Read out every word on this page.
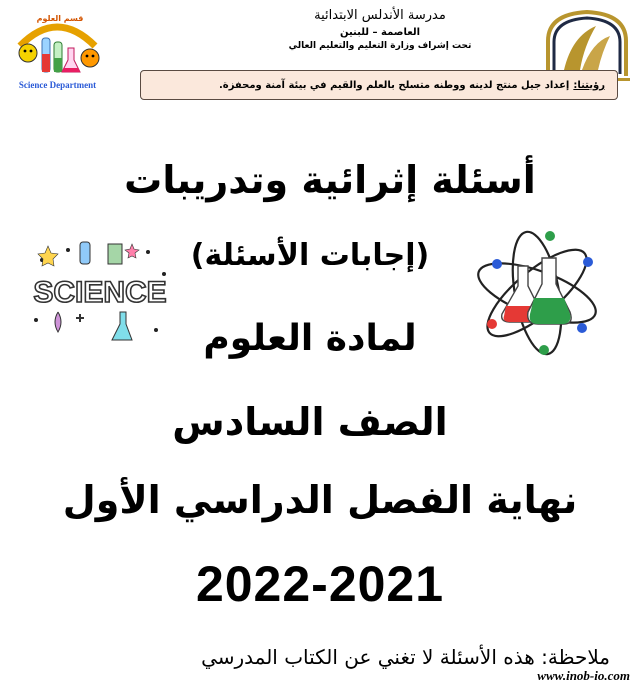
قسم العلوم
Science Department
مدرسة الأندلس الابتدائية
العاصمة – للبنين
تحت إشراف وزارة التعليم والتعليم العالي
رؤيتنا:
إعداد جيل منتج لدينه ووطنه متسلح بالعلم والقيم في بيئة آمنة ومحفزة.
أسئلة إثرائية وتدريبات
(إجابات الأسئلة)
لمادة العلوم
الصف السادس
نهاية الفصل الدراسي الأول
2022-2021
SCIENCE
ملاحظة: هذه الأسئلة لا تغني عن الكتاب المدرسي
www.inob-io.com
